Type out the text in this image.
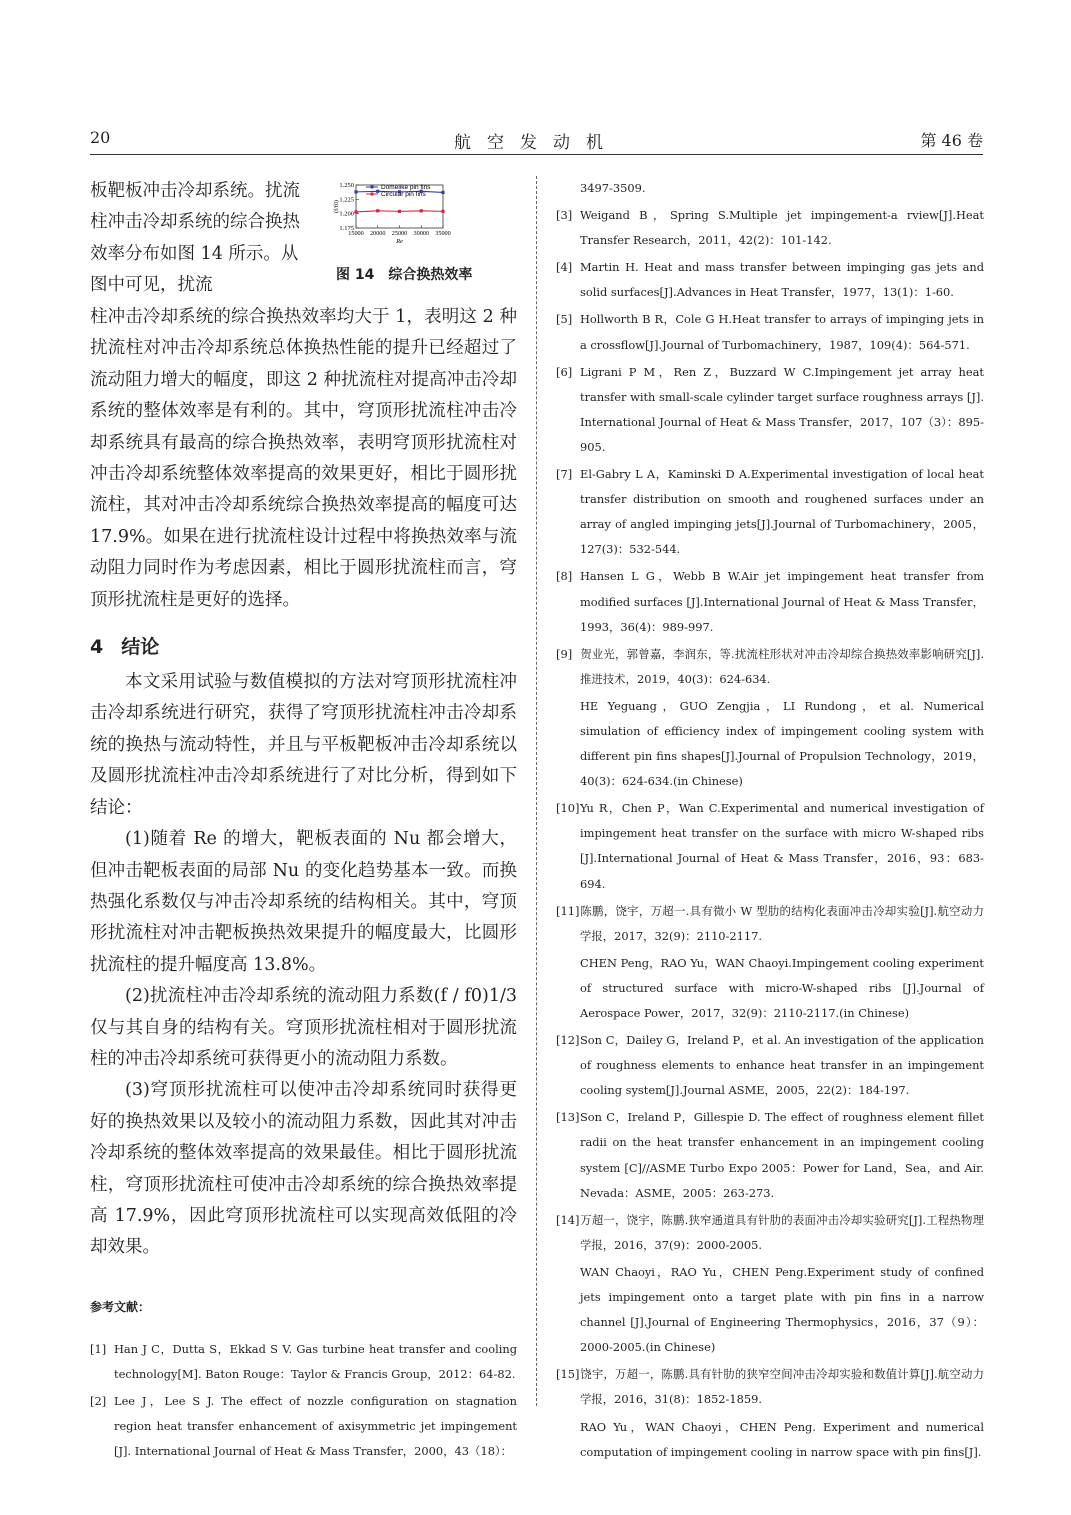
20	航空发动机	第 46 卷

板靶板冲击冷却系统。扰流柱冲击冷却系统的综合换热效率分布如图 14 所示。从图中可见，扰流

1.250
1.225
1.200
1.175
15000 20000 25000 30000 35000
Re
(f/f0)
Domelike pin fins
Circular pin fins
图 14　综合换热效率

柱冲击冷却系统的综合换热效率均大于 1，表明这 2 种扰流柱对冲击冷却系统总体换热性能的提升已经超过了流动阻力增大的幅度，即这 2 种扰流柱对提高冲击冷却系统的整体效率是有利的。其中，穹顶形扰流柱冲击冷却系统具有最高的综合换热效率，表明穹顶形扰流柱对冲击冷却系统整体效率提高的效果更好，相比于圆形扰流柱，其对冲击冷却系统综合换热效率提高的幅度可达 17.9%。如果在进行扰流柱设计过程中将换热效率与流动阻力同时作为考虑因素，相比于圆形扰流柱而言，穹顶形扰流柱是更好的选择。

4 结论

本文采用试验与数值模拟的方法对穹顶形扰流柱冲击冷却系统进行研究，获得了穹顶形扰流柱冲击冷却系统的换热与流动特性，并且与平板靶板冲击冷却系统以及圆形扰流柱冲击冷却系统进行了对比分析，得到如下结论：

(1)随着 Re 的增大，靶板表面的 Nu 都会增大，但冲击靶板表面的局部 Nu 的变化趋势基本一致。而换热强化系数仅与冲击冷却系统的结构相关。其中，穹顶形扰流柱对冲击靶板换热效果提升的幅度最大，比圆形扰流柱的提升幅度高 13.8%。

(2)扰流柱冲击冷却系统的流动阻力系数(f / f0)1/3 仅与其自身的结构有关。穹顶形扰流柱相对于圆形扰流柱的冲击冷却系统可获得更小的流动阻力系数。

(3)穹顶形扰流柱可以使冲击冷却系统同时获得更好的换热效果以及较小的流动阻力系数，因此其对冲击冷却系统的整体效率提高的效果最佳。相比于圆形扰流柱，穹顶形扰流柱可使冲击冷却系统的综合换热效率提高 17.9%，因此穹顶形扰流柱可以实现高效低阻的冷却效果。

参考文献：

[1] Han J C，Dutta S，Ekkad S V. Gas turbine heat transfer and cooling technology[M]. Baton Rouge：Taylor & Francis Group，2012：64-82.

[2] Lee J，Lee S J. The effect of nozzle configuration on stagnation region heat transfer enhancement of axisymmetric jet impingement [J]. International Journal of Heat & Mass Transfer，2000，43（18）：

3497-3509.

[3] Weigand B，Spring S.Multiple jet impingement-a rview[J].Heat Transfer Research，2011，42(2)：101-142.

[4] Martin H. Heat and mass transfer between impinging gas jets and solid surfaces[J].Advances in Heat Transfer，1977，13(1)：1-60.

[5] Hollworth B R，Cole G H.Heat transfer to arrays of impinging jets in a crossflow[J].Journal of Turbomachinery，1987，109(4)：564-571.

[6] Ligrani P M，Ren Z，Buzzard W C.Impingement jet array heat transfer with small-scale cylinder target surface roughness arrays [J]. International Journal of Heat & Mass Transfer，2017，107（3）：895-905.

[7] El-Gabry L A，Kaminski D A.Experimental investigation of local heat transfer distribution on smooth and roughened surfaces under an array of angled impinging jets[J].Journal of Turbomachinery，2005，127(3)：532-544.

[8] Hansen L G，Webb B W.Air jet impingement heat transfer from modified surfaces [J].International Journal of Heat & Mass Transfer，1993，36(4)：989-997.

[9] 贺业光，郭曾嘉，李润东，等.扰流柱形状对冲击冷却综合换热效率影响研究[J].推进技术，2019，40(3)：624-634.

HE Yeguang，GUO Zengjia，LI Rundong，et al. Numerical simulation of efficiency index of impingement cooling system with different pin fins shapes[J].Journal of Propulsion Technology，2019，40(3)：624-634.(in Chinese)

[10]Yu R，Chen P，Wan C.Experimental and numerical investigation of impingement heat transfer on the surface with micro W-shaped ribs [J].International Journal of Heat & Mass Transfer，2016，93：683-694.

[11]陈鹏，饶宇，万超一.具有微小 W 型肋的结构化表面冲击冷却实验[J].航空动力学报，2017，32(9)：2110-2117.

CHEN Peng，RAO Yu，WAN Chaoyi.Impingement cooling experiment of structured surface with micro-W-shaped ribs [J].Journal of Aerospace Power，2017，32(9)：2110-2117.(in Chinese)

[12]Son C，Dailey G，Ireland P，et al. An investigation of the application of roughness elements to enhance heat transfer in an impingement cooling system[J].Journal ASME，2005，22(2)：184-197.

[13]Son C，Ireland P，Gillespie D. The effect of roughness element fillet radii on the heat transfer enhancement in an impingement cooling system [C]//ASME Turbo Expo 2005：Power for Land，Sea，and Air. Nevada：ASME，2005：263-273.

[14]万超一，饶宇，陈鹏.狭窄通道具有针肋的表面冲击冷却实验研究[J].工程热物理学报，2016，37(9)：2000-2005.

WAN Chaoyi，RAO Yu，CHEN Peng.Experiment study of confined jets impingement onto a target plate with pin fins in a narrow channel [J].Journal of Engineering Thermophysics，2016，37（9）：2000-2005.(in Chinese)

[15]饶宇，万超一，陈鹏.具有针肋的狭窄空间冲击冷却实验和数值计算[J].航空动力学报，2016，31(8)：1852-1859.

RAO Yu，WAN Chaoyi，CHEN Peng. Experiment and numerical computation of impingement cooling in narrow space with pin fins[J].
